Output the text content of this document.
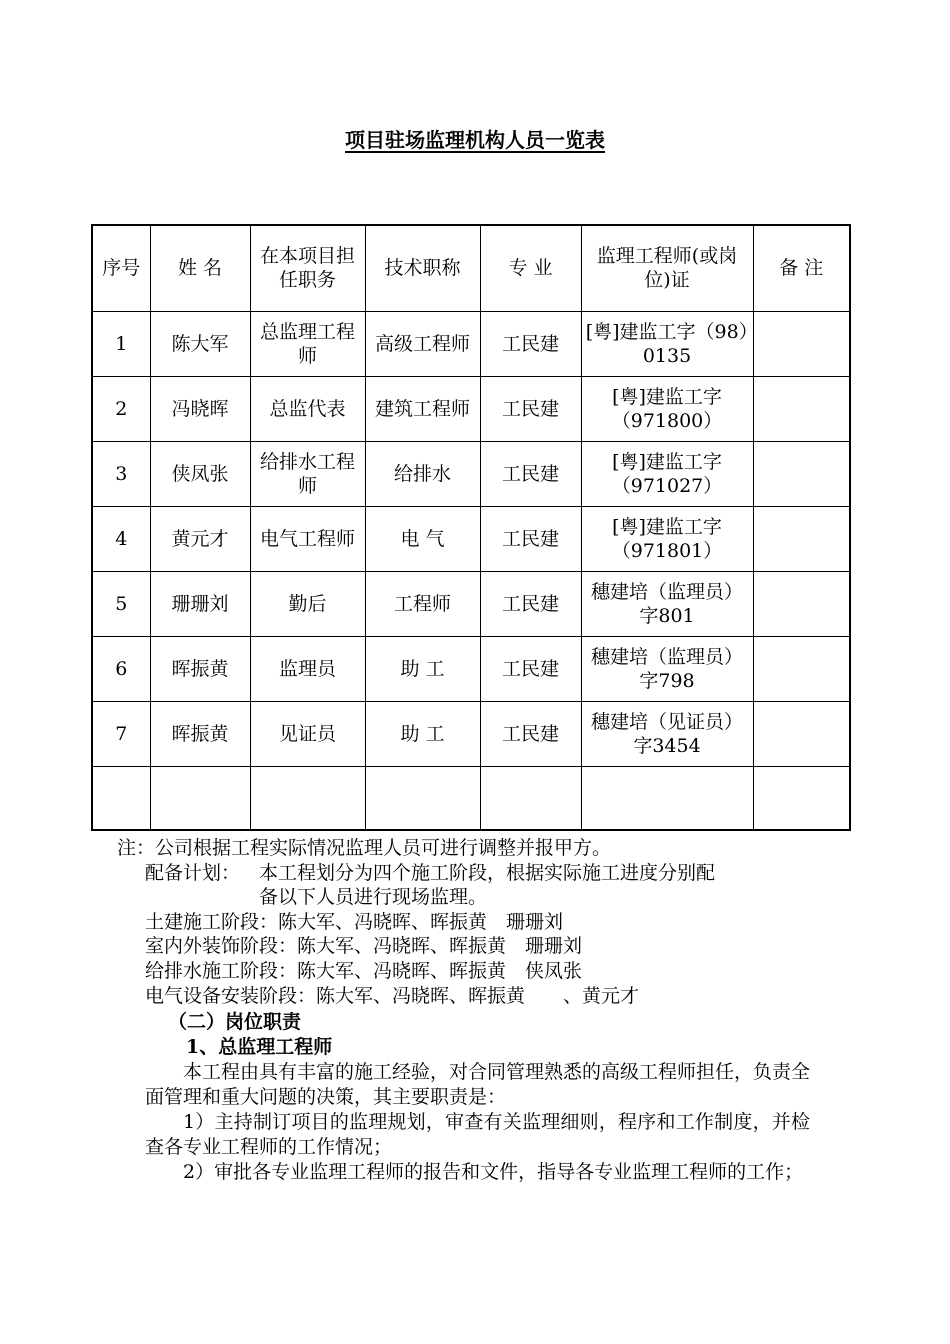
项目驻场监理机构人员一览表
序号	姓 名	在本项目担任职务	技术职称	专 业	监理工程师(或岗位)证	备 注
1	陈大军	总监理工程师	高级工程师	工民建	[粤]建监工字（98）0135	
2	冯晓晖	总监代表	建筑工程师	工民建	[粤]建监工字（971800）	
3	侠凤张	给排水工程师	给排水	工民建	[粤]建监工字（971027）	
4	黄元才	电气工程师	电 气	工民建	[粤]建监工字（971801）	
5	珊珊刘	勤后	工程师	工民建	穗建培（监理员）字801	
6	晖振黄	监理员	助 工	工民建	穗建培（监理员）字798	
7	晖振黄	见证员	助 工	工民建	穗建培（见证员）字3454	

注：公司根据工程实际情况监理人员可进行调整并报甲方。
配备计划： 本工程划分为四个施工阶段，根据实际施工进度分别配
备以下人员进行现场监理。
土建施工阶段：陈大军、冯晓晖、晖振黄　珊珊刘
室内外装饰阶段：陈大军、冯晓晖、晖振黄　珊珊刘
给排水施工阶段：陈大军、冯晓晖、晖振黄　侠凤张
电气设备安装阶段：陈大军、冯晓晖、晖振黄　　、黄元才
（二）岗位职责
1、总监理工程师
本工程由具有丰富的施工经验，对合同管理熟悉的高级工程师担任，负责全面管理和重大问题的决策，其主要职责是：
1）主持制订项目的监理规划，审查有关监理细则，程序和工作制度，并检查各专业工程师的工作情况；
2）审批各专业监理工程师的报告和文件，指导各专业监理工程师的工作；
